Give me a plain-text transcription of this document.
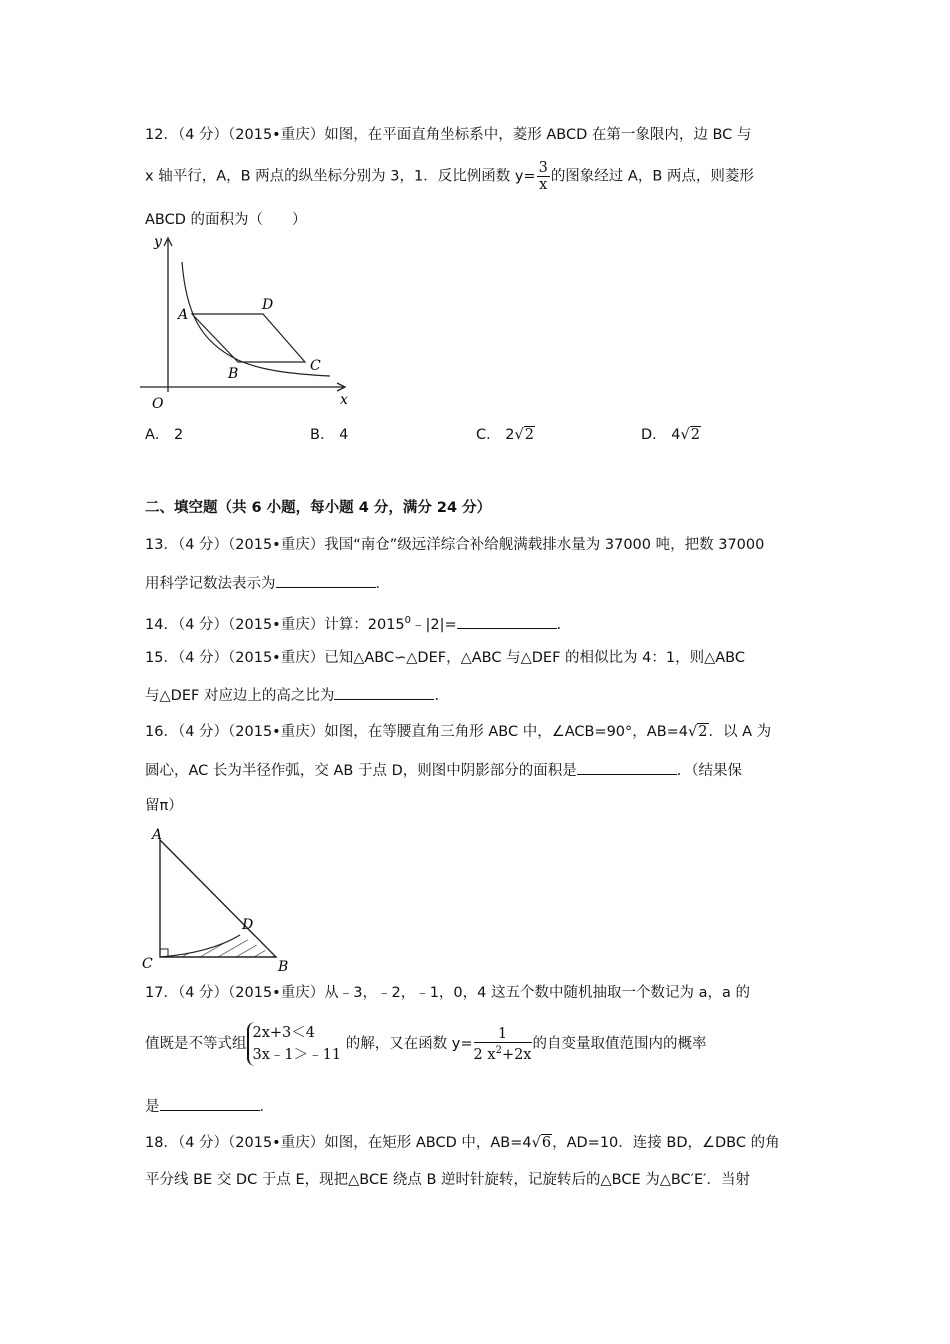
12．（4 分）（2015•重庆）如图，在平面直角坐标系中，菱形 ABCD 在第一象限内，边 BC 与
x 轴平行，A，B 两点的纵坐标分别为 3，1．反比例函数 $y= \frac{3}{x}$ 的图象经过 A，B 两点，则菱形
ABCD 的面积为（　　）
y
x
O
A
B	C
D
A． 2	B． 4	C． 2√2	D． 4√2
二、填空题（共 6 小题，每小题 4 分，满分 24 分）
13．（4 分）（2015•重庆）我国“南仓”级远洋综合补给舰满载排水量为 37000 吨，把数 37000
用科学记数法表示为	．
14．（4 分）（2015•重庆）计算：$2015^0﹣|2|=$	．
15．（4 分）（2015•重庆）已知△ABC∽△DEF，△ABC 与△DEF 的相似比为 4：1，则△ABC
与△DEF 对应边上的高之比为	．
16．（4 分）（2015•重庆）如图，在等腰直角三角形 ABC 中，∠ACB=90°，AB=4√2．以 A 为
圆心，AC 长为半径作弧，交 AB 于点 D，则图中阴影部分的面积是	．（结果保
留π）
A
B
C
D
17．（4 分）（2015•重庆）从﹣3，﹣2，﹣1，0，4 这五个数中随机抽取一个数记为 a，a 的
值既是不等式组
2x+3＜4
3x﹣1＞﹣11
的解，又在函数 $y= \frac{1}{2 x^2+2x}$ 的自变量取值范围内的概率
是	．
18．（4 分）（2015•重庆）如图，在矩形 ABCD 中，AB=4√6，AD=10．连接 BD，∠DBC 的角
平分线 BE 交 DC 于点 E，现把△BCE 绕点 B 逆时针旋转，记旋转后的△BCE 为△BC′E′．当射
